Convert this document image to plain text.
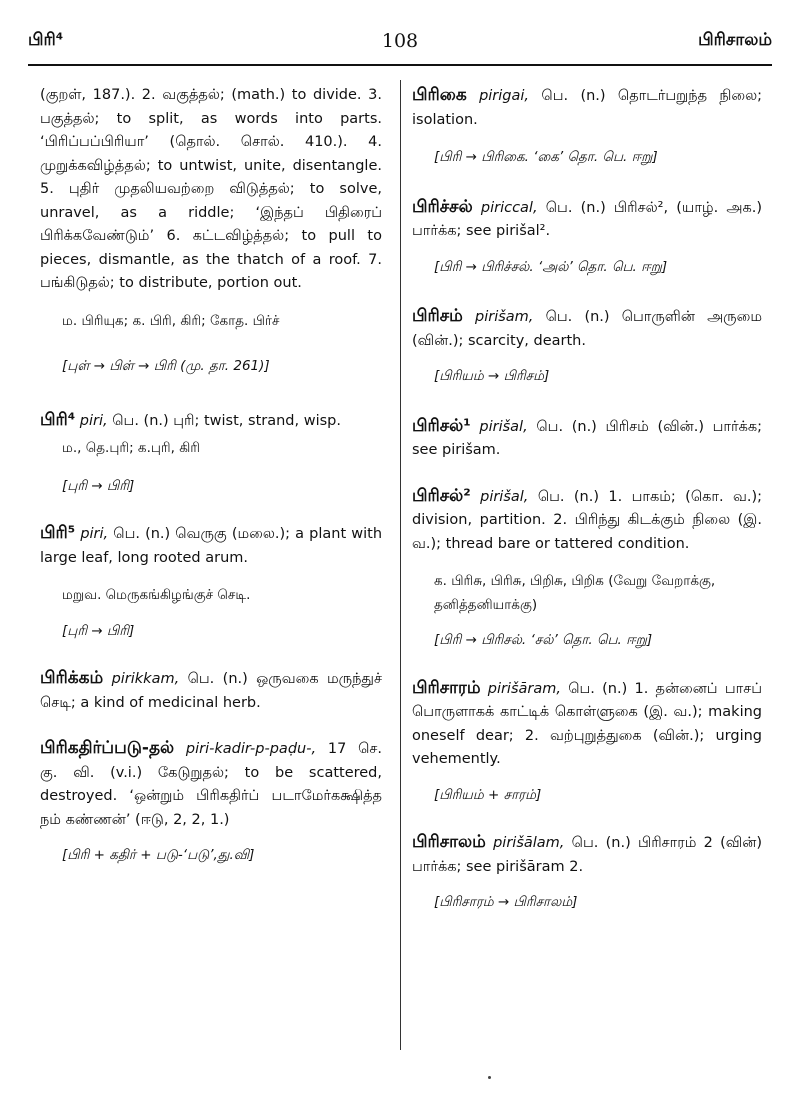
பிரி⁴	108	பிரிசாலம்

(குறள், 187.). 2. வகுத்தல்; (math.) to divide. 3. பகுத்தல்; to split, as words into parts. ‘பிரிப்பப்பிரியா’ (தொல். சொல். 410.). 4. முறுக்கவிழ்த்தல்; to untwist, unite, disentangle. 5. புதிர் முதலியவற்றை விடுத்தல்; to solve, unravel, as a riddle; ‘இந்தப் பிதிரைப் பிரிக்கவேண்டும்’ 6. கட்டவிழ்த்தல்; to pull to pieces, dismantle, as the thatch of a roof. 7. பங்கிடுதல்; to distribute, portion out.

ம. பிரியுக; க. பிரி, கிரி; கோத. பிர்ச்
[புள் → பிள் → பிரி (மு. தா. 261)]

பிரி⁴ piri, பெ. (n.) புரி; twist, strand, wisp.

ம., தெ.புரி; க.புரி, கிரி
[புரி → பிரி]

பிரி⁵ piri, பெ. (n.) வெருகு (மலை.); a plant with large leaf, long rooted arum.

மறுவ. மெருகங்கிழங்குச் செடி.
[புரி → பிரி]

பிரிக்கம் pirikkam, பெ. (n.) ஒருவகை மருந்துச் செடி; a kind of medicinal herb.

பிரிகதிர்ப்படு-தல் piri-kadir-p-paḍu-, 17 செ. கு. வி. (v.i.) கேடுறுதல்; to be scattered, destroyed. ‘ஒன்றும் பிரிகதிர்ப் படாமேர்கக்ஷித்த நம் கண்ணன்’ (ஈடு, 2, 2, 1.)

[பிரி + கதிர் + படு-‘படு’,து.வி]

பிரிகை pirigai, பெ. (n.) தொடர்பறுந்த நிலை; isolation.

[பிரி → பிரிகை. ‘கை’ தொ. பெ. ஈறு]

பிரிச்சல் piriccal, பெ. (n.) பிரிசல்², (யாழ். அக.) பார்க்க; see pirišal².

[பிரி → பிரிச்சல். ‘அல்’ தொ. பெ. ஈறு]

பிரிசம் pirišam, பெ. (n.) பொருளின் அருமை (வின்.); scarcity, dearth.

[பிரியம் → பிரிசம்]

பிரிசல்¹ pirišal, பெ. (n.) பிரிசம் (வின்.) பார்க்க; see pirišam.

பிரிசல்² pirišal, பெ. (n.) 1. பாகம்; (கொ. வ.); division, partition. 2. பிரிந்து கிடக்கும் நிலை (இ. வ.); thread bare or tattered condition.

க. பிரிசு, பிரிசு, பிறிசு, பிறிக (வேறு வேறாக்கு, தனித்தனியாக்கு)
[பிரி → பிரிசல். ‘சல்’ தொ. பெ. ஈறு]

பிரிசாரம் pirišāram, பெ. (n.) 1. தன்னைப் பாசப் பொருளாகக் காட்டிக் கொள்ளுகை (இ. வ.); making oneself dear; 2. வற்புறுத்துகை (வின்.); urging vehemently.

[பிரியம் + சாரம்]

பிரிசாலம் pirišālam, பெ. (n.) பிரிசாரம் 2 (வின்) பார்க்க; see pirišāram 2.

[பிரிசாரம் → பிரிசாலம்]
